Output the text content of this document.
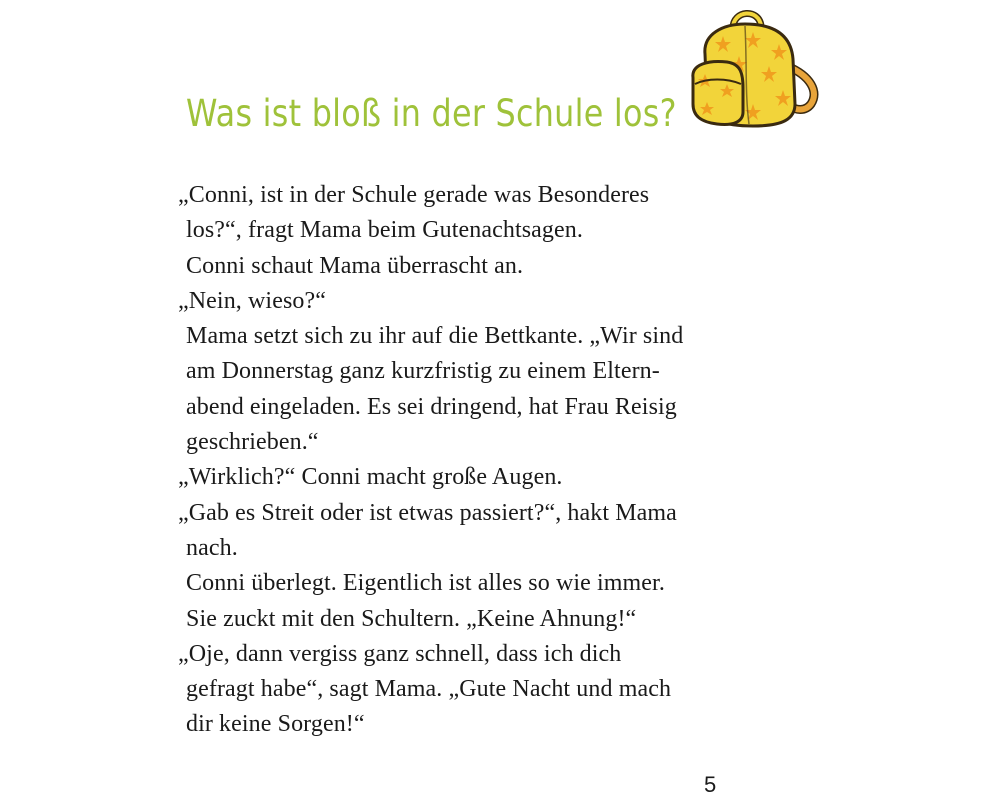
Was ist bloß in der Schule los?
„Conni, ist in der Schule gerade was Besonderes
los?“, fragt Mama beim Gutenachtsagen.
Conni schaut Mama überrascht an.
„Nein, wieso?“
Mama setzt sich zu ihr auf die Bettkante. „Wir sind
am Donnerstag ganz kurzfristig zu einem Eltern-
abend eingeladen. Es sei dringend, hat Frau Reisig
geschrieben.“
„Wirklich?“ Conni macht große Augen.
„Gab es Streit oder ist etwas passiert?“, hakt Mama
nach.
Conni überlegt. Eigentlich ist alles so wie immer.
Sie zuckt mit den Schultern. „Keine Ahnung!“
„Oje, dann vergiss ganz schnell, dass ich dich
gefragt habe“, sagt Mama. „Gute Nacht und mach
dir keine Sorgen!“
5
